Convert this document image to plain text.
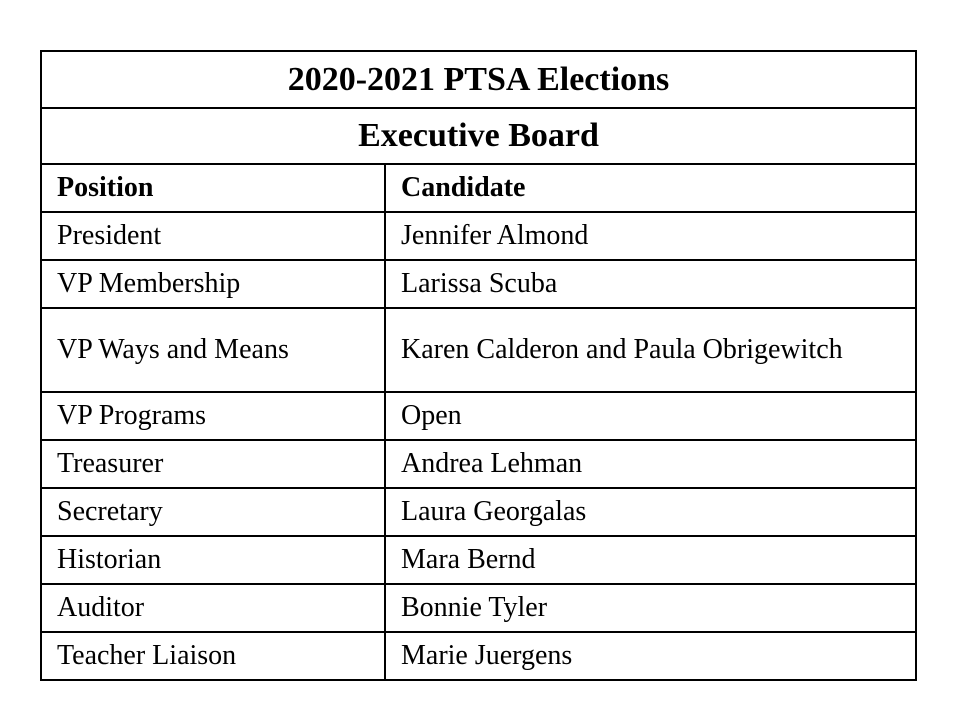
2020-2021 PTSA Elections	
Executive Board	
Position	Candidate
President	Jennifer Almond
VP Membership	Larissa Scuba
VP Ways and Means	Karen Calderon and Paula Obrigewitch
VP Programs	Open
Treasurer	Andrea Lehman
Secretary	Laura Georgalas
Historian	Mara Bernd
Auditor	Bonnie Tyler
Teacher Liaison	Marie Juergens
